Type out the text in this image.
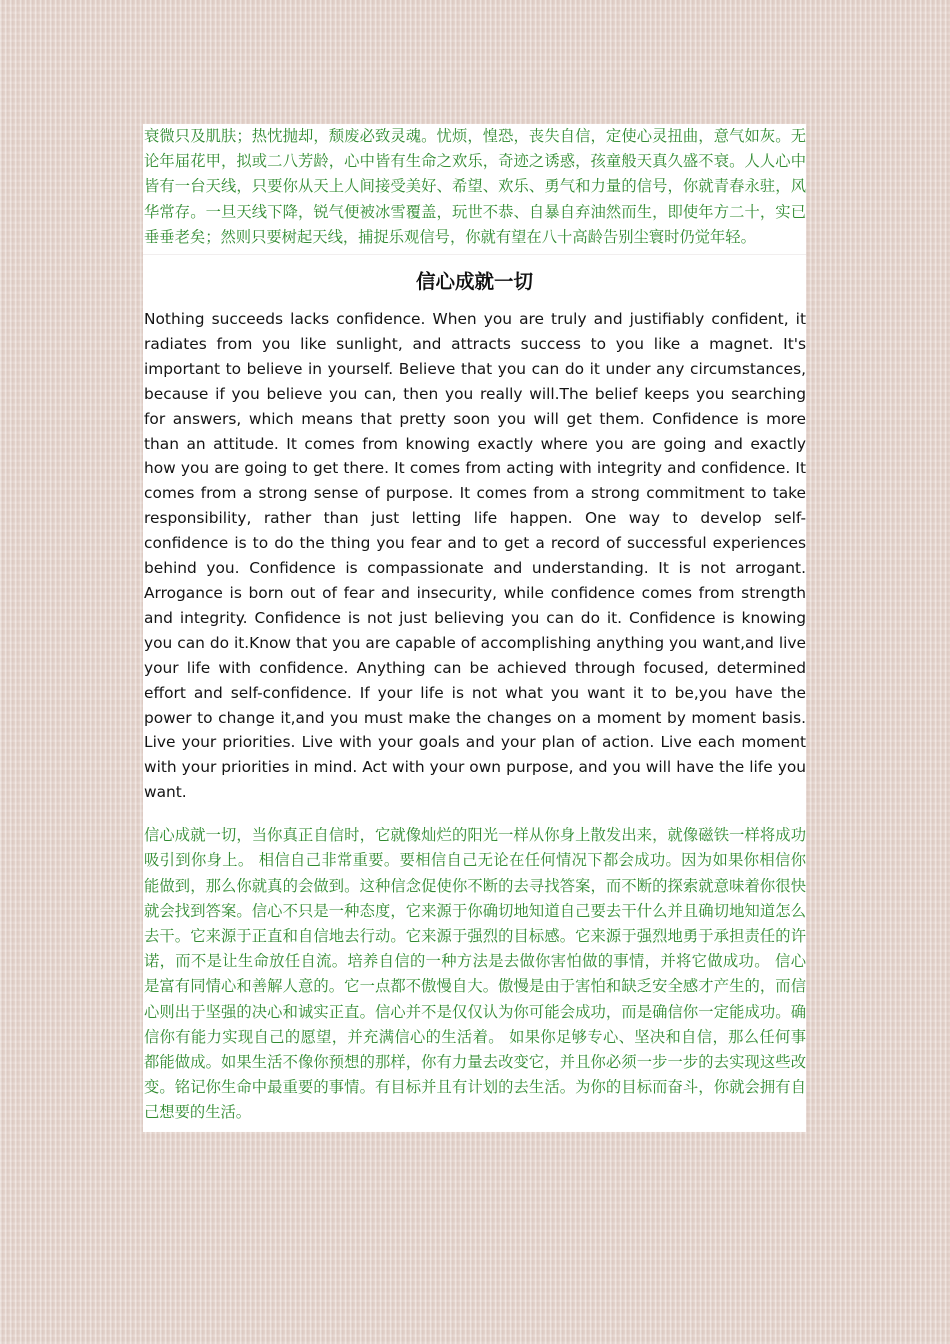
衰微只及肌肤；热忱抛却，颓废必致灵魂。忧烦，惶恐，丧失自信，定使心灵扭曲，意气如灰。无论年届花甲，拟或二八芳龄，心中皆有生命之欢乐，奇迹之诱惑，孩童般天真久盛不衰。人人心中皆有一台天线，只要你从天上人间接受美好、希望、欢乐、勇气和力量的信号，你就青春永驻，风华常存。一旦天线下降，锐气便被冰雪覆盖，玩世不恭、自暴自弃油然而生，即使年方二十，实已垂垂老矣；然则只要树起天线，捕捉乐观信号，你就有望在八十高龄告别尘寰时仍觉年轻。

信心成就一切

Nothing succeeds lacks confidence. When you are truly and justifiably confident, it radiates from you like sunlight, and attracts success to you like a magnet. It's important to believe in yourself. Believe that you can do it under any circumstances, because if you believe you can, then you really will.The belief keeps you searching for answers, which means that pretty soon you will get them. Confidence is more than an attitude. It comes from knowing exactly where you are going and exactly how you are going to get there. It comes from acting with integrity and confidence. It comes from a strong sense of purpose. It comes from a strong commitment to take responsibility, rather than just letting life happen. One way to develop self-confidence is to do the thing you fear and to get a record of successful experiences behind you. Confidence is compassionate and understanding. It is not arrogant. Arrogance is born out of fear and insecurity, while confidence comes from strength and integrity. Confidence is not just believing you can do it. Confidence is knowing you can do it.Know that you are capable of accomplishing anything you want,and live your life with confidence. Anything can be achieved through focused, determined effort and self-confidence. If your life is not what you want it to be,you have the power to change it,and you must make the changes on a moment by moment basis. Live your priorities. Live with your goals and your plan of action. Live each moment with your priorities in mind. Act with your own purpose, and you will have the life you want.

信心成就一切，当你真正自信时，它就像灿烂的阳光一样从你身上散发出来，就像磁铁一样将成功吸引到你身上。 相信自己非常重要。要相信自己无论在任何情况下都会成功。因为如果你相信你能做到，那么你就真的会做到。这种信念促使你不断的去寻找答案，而不断的探索就意味着你很快就会找到答案。信心不只是一种态度，它来源于你确切地知道自己要去干什么并且确切地知道怎么去干。它来源于正直和自信地去行动。它来源于强烈的目标感。它来源于强烈地勇于承担责任的许诺，而不是让生命放任自流。培养自信的一种方法是去做你害怕做的事情，并将它做成功。 信心是富有同情心和善解人意的。它一点都不傲慢自大。傲慢是由于害怕和缺乏安全感才产生的，而信心则出于坚强的决心和诚实正直。信心并不是仅仅认为你可能会成功，而是确信你一定能成功。确信你有能力实现自己的愿望，并充满信心的生活着。 如果你足够专心、坚决和自信，那么任何事都能做成。如果生活不像你预想的那样，你有力量去改变它，并且你必须一步一步的去实现这些改变。铭记你生命中最重要的事情。有目标并且有计划的去生活。为你的目标而奋斗，你就会拥有自己想要的生活。
